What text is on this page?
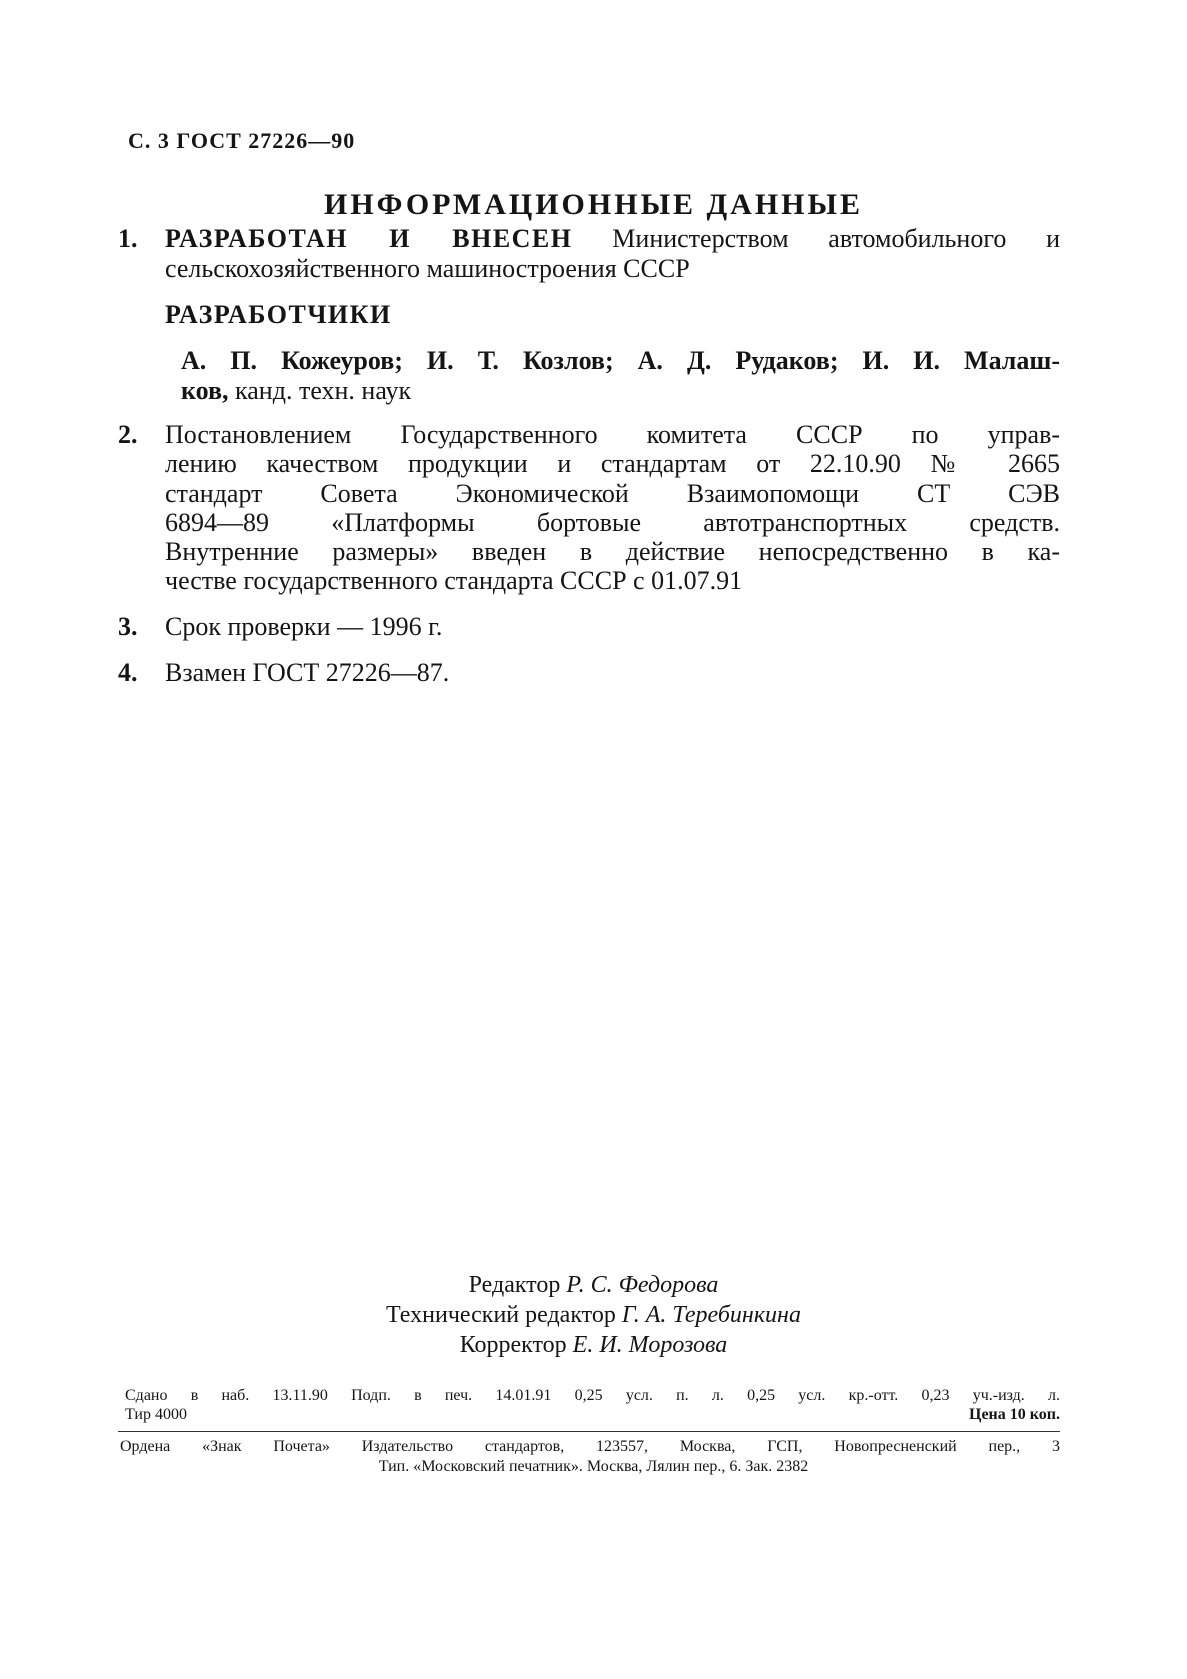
С. 3 ГОСТ 27226—90
ИНФОРМАЦИОННЫЕ ДАННЫЕ
1. РАЗРАБОТАН И ВНЕСЕН Министерством автомобильного и
сельскохозяйственного машиностроения СССР
РАЗРАБОТЧИКИ
А. П. Кожеуров; И. Т. Козлов; А. Д. Рудаков; И. И. Малаш-
ков, канд. техн. наук
2. Постановлением Государственного комитета СССР по управ-
лению качеством продукции и стандартам от 22.10.90 № 2665
стандарт Совета Экономической Взаимопомощи СТ СЭВ
6894—89 «Платформы бортовые автотранспортных средств.
Внутренние размеры» введен в действие непосредственно в ка-
честве государственного стандарта СССР с 01.07.91
3. Срок проверки — 1996 г.
4. Взамен ГОСТ 27226—87.
Редактор Р. С. Федорова
Технический редактор Г. А. Теребинкина
Корректор Е. И. Морозова
Сдано в наб. 13.11.90 Подп. в печ. 14.01.91 0,25 усл. п. л. 0,25 усл. кр.-отт. 0,23 уч.-изд. л.
Тир 4000	Цена 10 коп.
Ордена «Знак Почета» Издательство стандартов, 123557, Москва, ГСП, Новопресненский пер., 3
Тип. «Московский печатник». Москва, Лялин пер., 6. Зак. 2382
